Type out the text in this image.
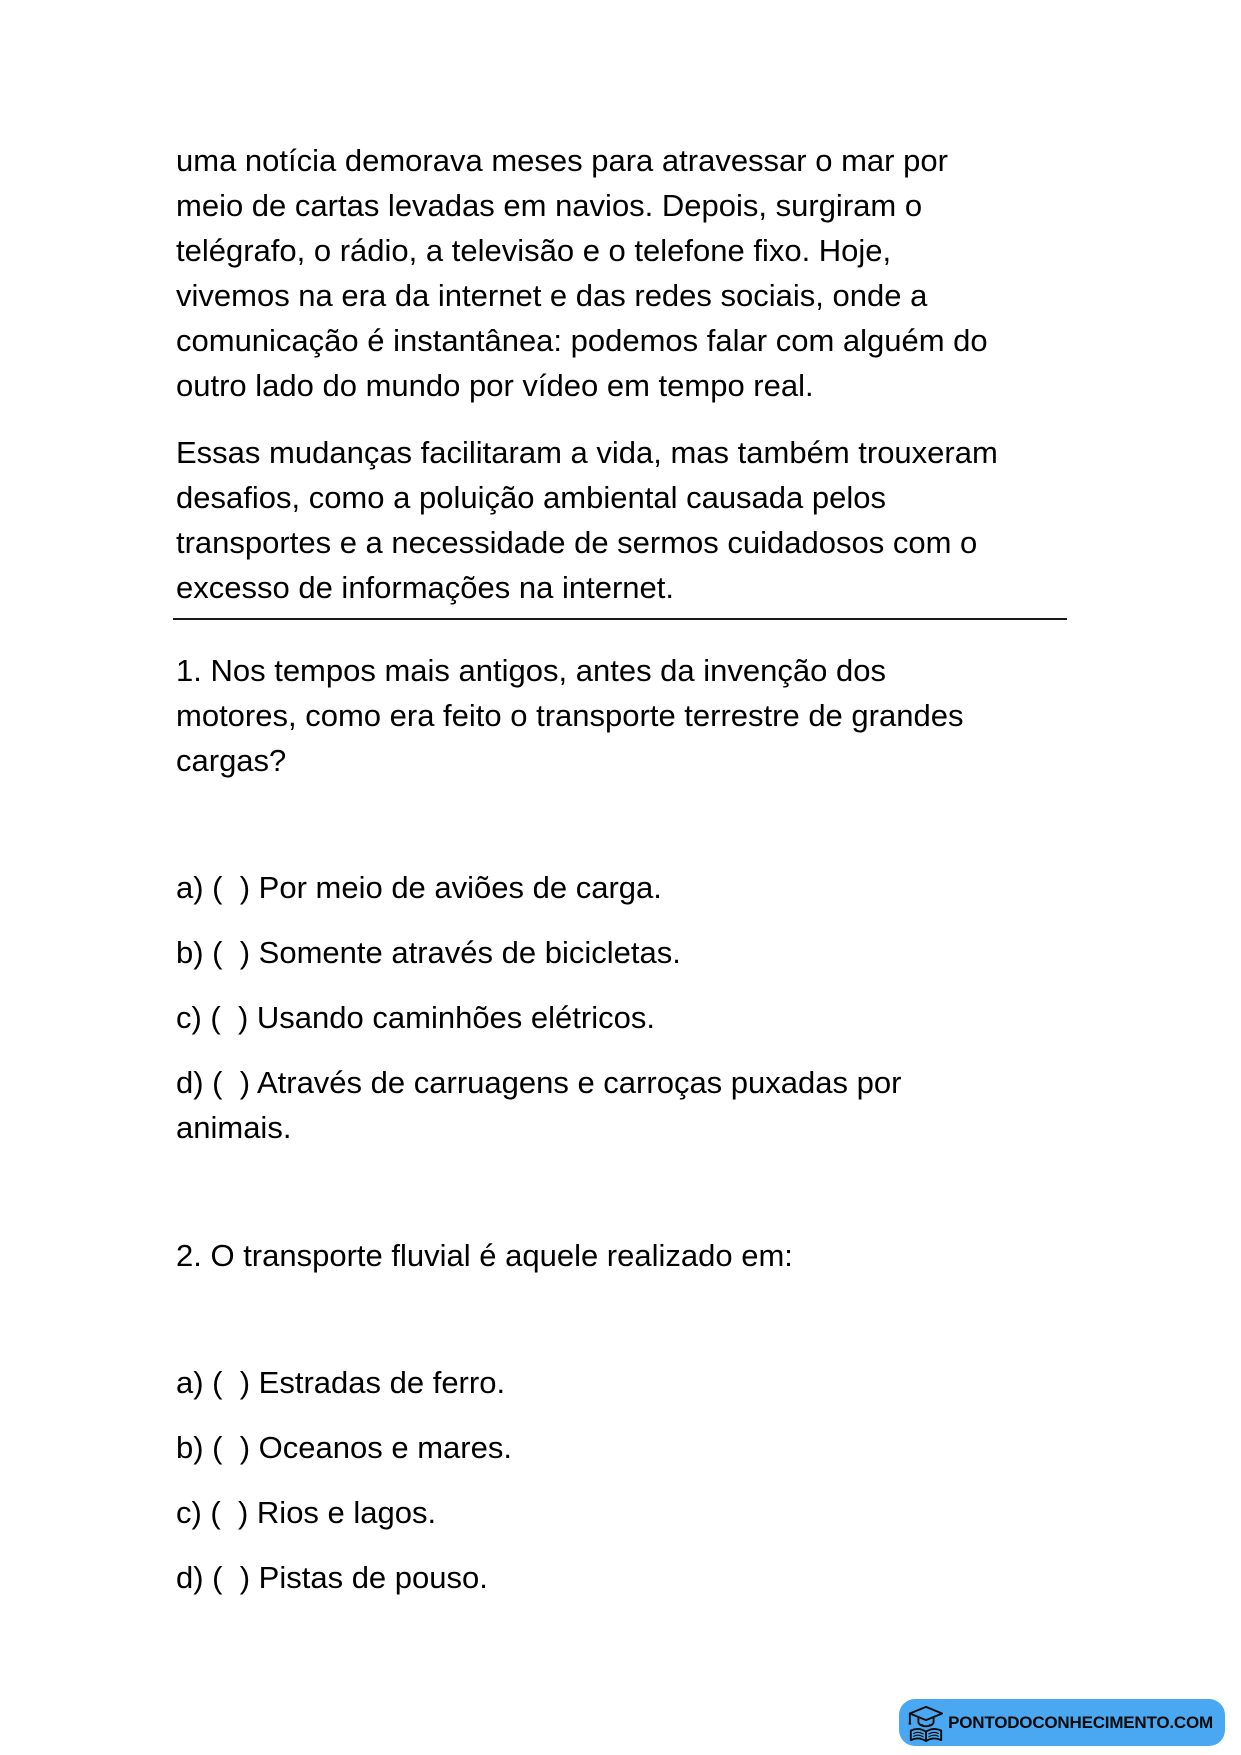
uma notícia demorava meses para atravessar o mar por
meio de cartas levadas em navios. Depois, surgiram o
telégrafo, o rádio, a televisão e o telefone fixo. Hoje,
vivemos na era da internet e das redes sociais, onde a
comunicação é instantânea: podemos falar com alguém do
outro lado do mundo por vídeo em tempo real.
Essas mudanças facilitaram a vida, mas também trouxeram
desafios, como a poluição ambiental causada pelos
transportes e a necessidade de sermos cuidadosos com o
excesso de informações na internet.
1. Nos tempos mais antigos, antes da invenção dos
motores, como era feito o transporte terrestre de grandes
cargas?
a) (  ) Por meio de aviões de carga.
b) (  ) Somente através de bicicletas.
c) (  ) Usando caminhões elétricos.
d) (  ) Através de carruagens e carroças puxadas por
animais.
2. O transporte fluvial é aquele realizado em:
a) (  ) Estradas de ferro.
b) (  ) Oceanos e mares.
c) (  ) Rios e lagos.
d) (  ) Pistas de pouso.
PONTODOCONHECIMENTO.COM
